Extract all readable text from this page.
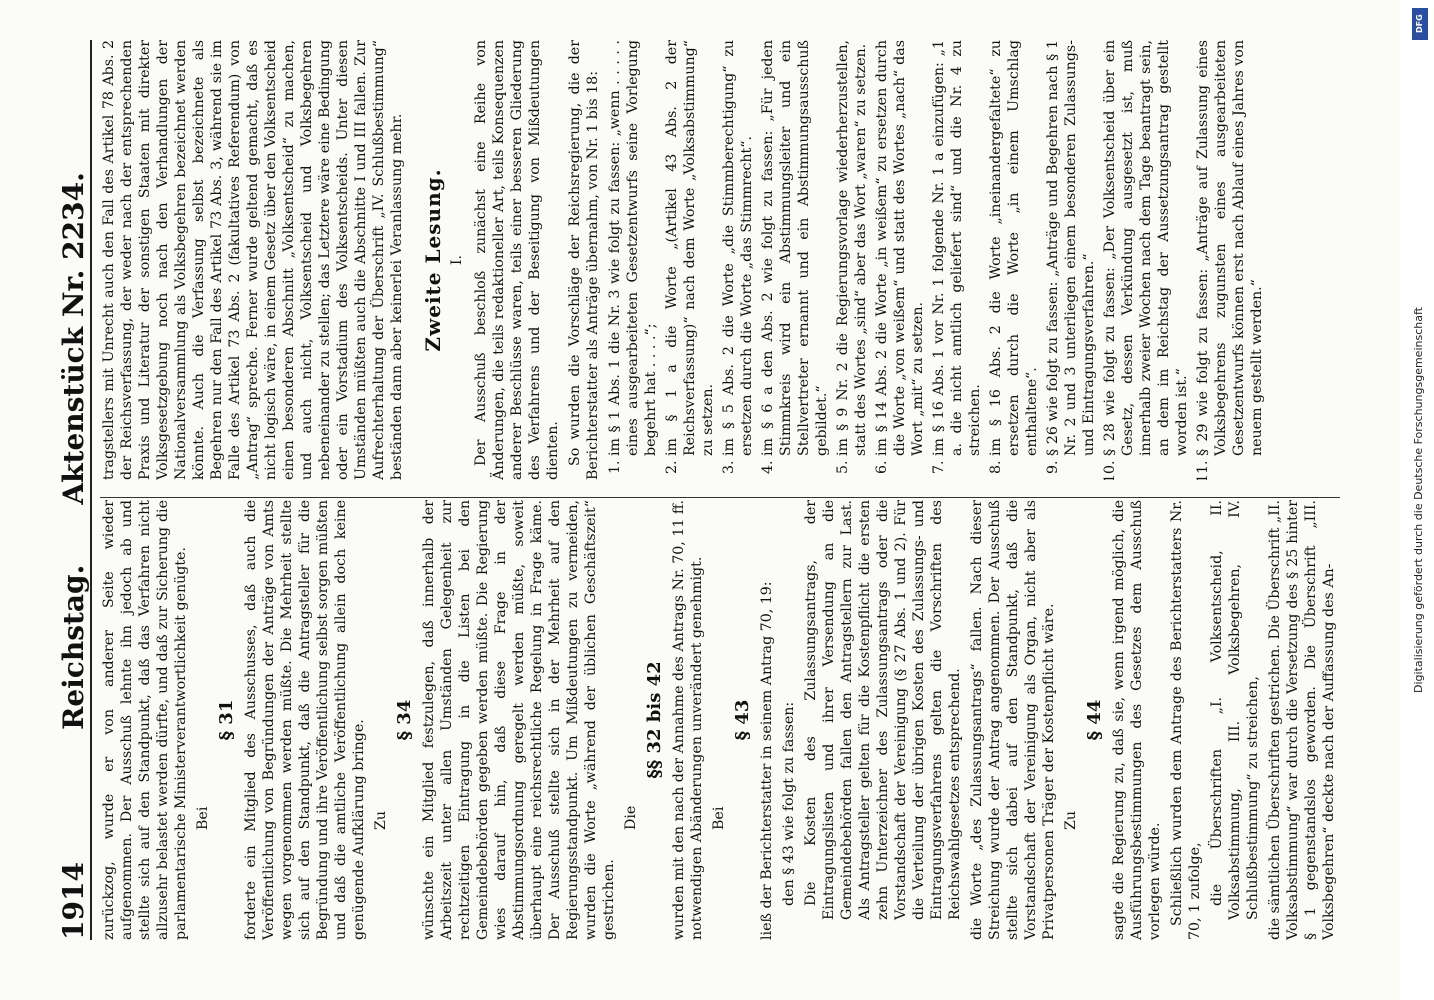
1914
Reichstag.
Aktenstück Nr. 2234.

zurückzog, wurde er von anderer Seite wieder aufgenommen. Der Ausschuß lehnte ihn jedoch ab und stellte sich auf den Standpunkt, daß das Verfahren nicht allzusehr belastet werden dürfte, und daß zur Sicherung die parlamentarische Ministerverantwortlichkeit genügte. Bei

§ 31 forderte ein Mitglied des Ausschusses, daß auch die Veröffentlichung von Begründungen der Anträge von Amts wegen vorgenommen werden müßte. Die Mehrheit stellte sich auf den Standpunkt, daß die Antragsteller für die Begründung und ihre Veröffentlichung selbst sorgen müßten und daß die amtliche Veröffentlichung allein doch keine genügende Aufklärung bringe. Zu

§ 34 wünschte ein Mitglied festzulegen, daß innerhalb der Arbeitszeit unter allen Umständen Gelegenheit zur rechtzeitigen Eintragung in die Listen bei den Gemeindebehörden gegeben werden müßte. Die Regierung wies darauf hin, daß diese Frage in der Abstimmungsordnung geregelt werden müßte, soweit überhaupt eine reichsrechtliche Regelung in Frage käme. Der Ausschuß stellte sich in der Mehrheit auf den Regierungsstandpunkt. Um Mißdeutungen zu vermeiden, wurden die Worte „während der üblichen Geschäftszeit“ gestrichen.

Die

§§ 32 bis 42 wurden mit den nach der Annahme des Antrags Nr. 70, 11 ff. notwendigen Abänderungen unverändert genehmigt. Bei

§ 43 ließ der Berichterstatter in seinem Antrag 70, 19: den § 43 wie folgt zu fassen: Die Kosten des Zulassungsantrags, der Eintragungslisten und ihrer Versendung an die Gemeindebehörden fallen den Antragstellern zur Last. Als Antragsteller gelten für die Kostenpflicht die ersten zehn Unterzeichner des Zulassungsantrags oder die Vorstandschaft der Vereinigung (§ 27 Abs. 1 und 2). Für die Verteilung der übrigen Kosten des Zulassungs- und Eintragungsverfahrens gelten die Vorschriften des Reichswahlgesetzes entsprechend. die Worte „des Zulassungsantrags“ fallen. Nach dieser Streichung wurde der Antrag angenommen. Der Ausschuß stellte sich dabei auf den Standpunkt, daß die Vorstandschaft der Vereinigung als Organ, nicht aber als Privatpersonen Träger der Kostenpflicht wäre. Zu

§ 44 sagte die Regierung zu, daß sie, wenn irgend möglich, die Ausführungsbestimmungen des Gesetzes dem Ausschuß vorlegen würde. Schließlich wurden dem Antrage des Berichterstatters Nr. 70, 1 zufolge, die Überschriften „I. Volksentscheid, II. Volksabstimmung, III. Volksbegehren, IV. Schlußbestimmung“ zu streichen, die sämtlichen Überschriften gestrichen. Die Überschrift „II. Volksabstimmung“ war durch die Versetzung des § 25 hinter § 1 gegenstandslos geworden. Die Überschrift „III. Volksbegehren“ deckte nach der Auffassung des An-

tragstellers mit Unrecht auch den Fall des Artikel 78 Abs. 2 der Reichsverfassung, der weder nach der entsprechenden Praxis und Literatur der sonstigen Staaten mit direkter Volksgesetzgebung noch nach den Verhandlungen der Nationalversammlung als Volksbegehren bezeichnet werden könnte. Auch die Verfassung selbst bezeichnete als Begehren nur den Fall des Artikel 73 Abs. 3, während sie im Falle des Artikel 73 Abs. 2 (fakultatives Referendum) von „Antrag“ spreche. Ferner wurde geltend gemacht, daß es nicht logisch wäre, in einem Gesetz über den Volksentscheid einen besonderen Abschnitt „Volksentscheid“ zu machen, und auch nicht, Volksentscheid und Volksbegehren nebeneinander zu stellen; das Letztere wäre eine Bedingung oder ein Vorstadium des Volksentscheids. Unter diesen Umständen müßten auch die Abschnitte I und III fallen. Zur Aufrechterhaltung der Überschrift „IV. Schlußbestimmung“ beständen dann aber keinerlei Veranlassung mehr. Zweite Lesung. I. Der Ausschuß beschloß zunächst eine Reihe von Änderungen, die teils redaktioneller Art, teils Konsequenzen anderer Beschlüsse waren, teils einer besseren Gliederung des Verfahrens und der Beseitigung von Mißdeutungen dienten. So wurden die Vorschläge der Reichsregierung, die der Berichterstatter als Anträge übernahm, von Nr. 1 bis 18: 1. im § 1 Abs. 1 die Nr. 3 wie folgt zu fassen: „wenn . . . . . eines ausgearbeiteten Gesetzentwurfs seine Vorlegung begehrt hat . . . .“; 2. im § 1 a die Worte „(Artikel 43 Abs. 2 der Reichsverfassung)“ nach dem Worte „Volksabstimmung“ zu setzen. 3. im § 5 Abs. 2 die Worte „die Stimmberechtigung“ zu ersetzen durch die Worte „das Stimmrecht“. 4. im § 6 a den Abs. 2 wie folgt zu fassen: „Für jeden Stimmkreis wird ein Abstimmungsleiter und ein Stellvertreter ernannt und ein Abstimmungsausschuß gebildet.“ 5. im § 9 Nr. 2 die Regierungsvorlage wiederherzustellen, statt des Wortes „sind“ aber das Wort „waren“ zu setzen. 6. im § 14 Abs. 2 die Worte „in weißem“ zu ersetzen durch die Worte „von weißem“ und statt des Wortes „nach“ das Wort „mit“ zu setzen. 7. im § 16 Abs. 1 vor Nr. 1 folgende Nr. 1 a einzufügen: „1 a. die nicht amtlich geliefert sind“ und die Nr. 4 zu streichen. 8. im § 16 Abs. 2 die Worte „ineinandergefaltete“ zu ersetzen durch die Worte „in einem Umschlag enthaltene“. 9. § 26 wie folgt zu fassen: „Anträge und Begehren nach § 1 Nr. 2 und 3 unterliegen einem besonderen Zulassungs- und Eintragungsverfahren.“ 10. § 28 wie folgt zu fassen: „Der Volksentscheid über ein Gesetz, dessen Verkündung ausgesetzt ist, muß innerhalb zweier Wochen nach dem Tage beantragt sein, an dem im Reichstag der Aussetzungsantrag gestellt worden ist.“ 11. § 29 wie folgt zu fassen: „Anträge auf Zulassung eines Volksbegehrens zugunsten eines ausgearbeiteten Gesetzentwurfs können erst nach Ablauf eines Jahres von neuem gestellt werden.“	Digitalisierung gefördert durch die Deutsche Forschungsgemeinschaft
DFG
